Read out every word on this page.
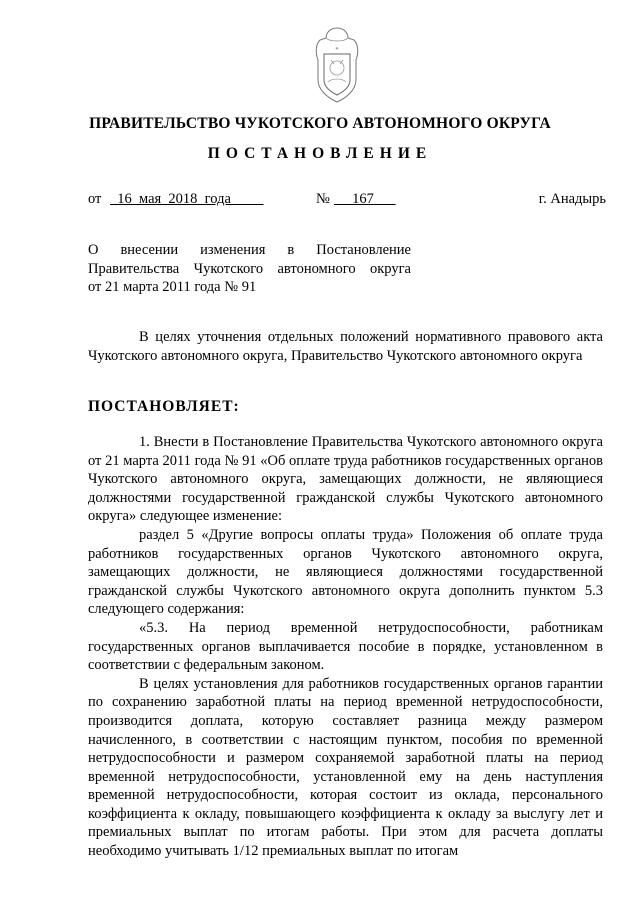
✦
ПРАВИТЕЛЬСТВО ЧУКОТСКОГО АВТОНОМНОГО ОКРУГА
ПОСТАНОВЛЕНИЕ
от 16  мая  2018  года	№ 167	г. Анадырь
О внесении изменения в Постановление
Правительства Чукотского автономного округа
от 21 марта 2011 года № 91

В целях уточнения отдельных положений нормативного правового акта Чукотского автономного округа, Правительство Чукотского автономного округа

ПОСТАНОВЛЯЕТ:

1. Внести в Постановление Правительства Чукотского автономного округа от 21 марта 2011 года № 91 «Об оплате труда работников государственных органов Чукотского автономного округа, замещающих должности, не являющиеся должностями государственной гражданской службы Чукотского автономного округа» следующее изменение:

раздел 5 «Другие вопросы оплаты труда» Положения об оплате труда работников государственных органов Чукотского автономного округа, замещающих должности, не являющиеся должностями государственной гражданской службы Чукотского автономного округа дополнить пунктом 5.3 следующего содержания:

«5.3. На период временной нетрудоспособности, работникам государственных органов выплачивается пособие в порядке, установленном в соответствии с федеральным законом.

В целях установления для работников государственных органов гарантии по сохранению заработной платы на период временной нетрудоспособности, производится доплата, которую составляет разница между размером начисленного, в соответствии с настоящим пунктом, пособия по временной нетрудоспособности и размером сохраняемой заработной платы на период временной нетрудоспособности, установленной ему на день наступления временной нетрудоспособности, которая состоит из оклада, персонального коэффициента к окладу, повышающего коэффициента к окладу за выслугу лет и премиальных выплат по итогам работы. При этом для расчета доплаты необходимо учитывать 1/12 премиальных выплат по итогам
